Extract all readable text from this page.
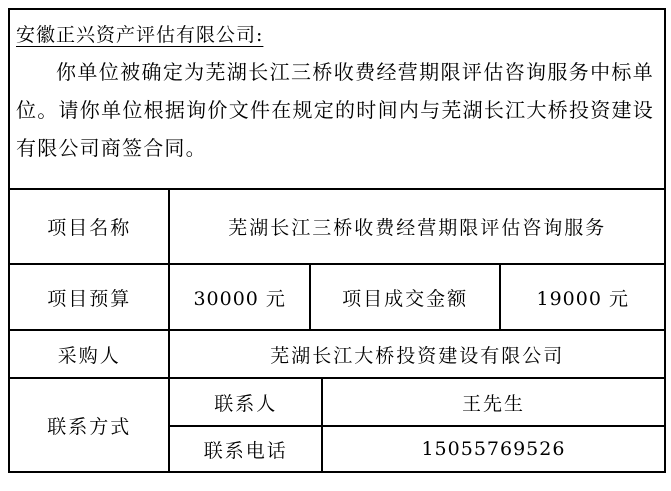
安徽正兴资产评估有限公司:
你单位被确定为芜湖长江三桥收费经营期限评估咨询服务中标单位。请你单位根据询价文件在规定的时间内与芜湖长江大桥投资建设有限公司商签合同。
项目名称	芜湖长江三桥收费经营期限评估咨询服务			
项目预算	30000 元	项目成交金额		19000 元
采购人	芜湖长江大桥投资建设有限公司			
联系方式	联系人		王先生	
	联系电话		15055769526	
